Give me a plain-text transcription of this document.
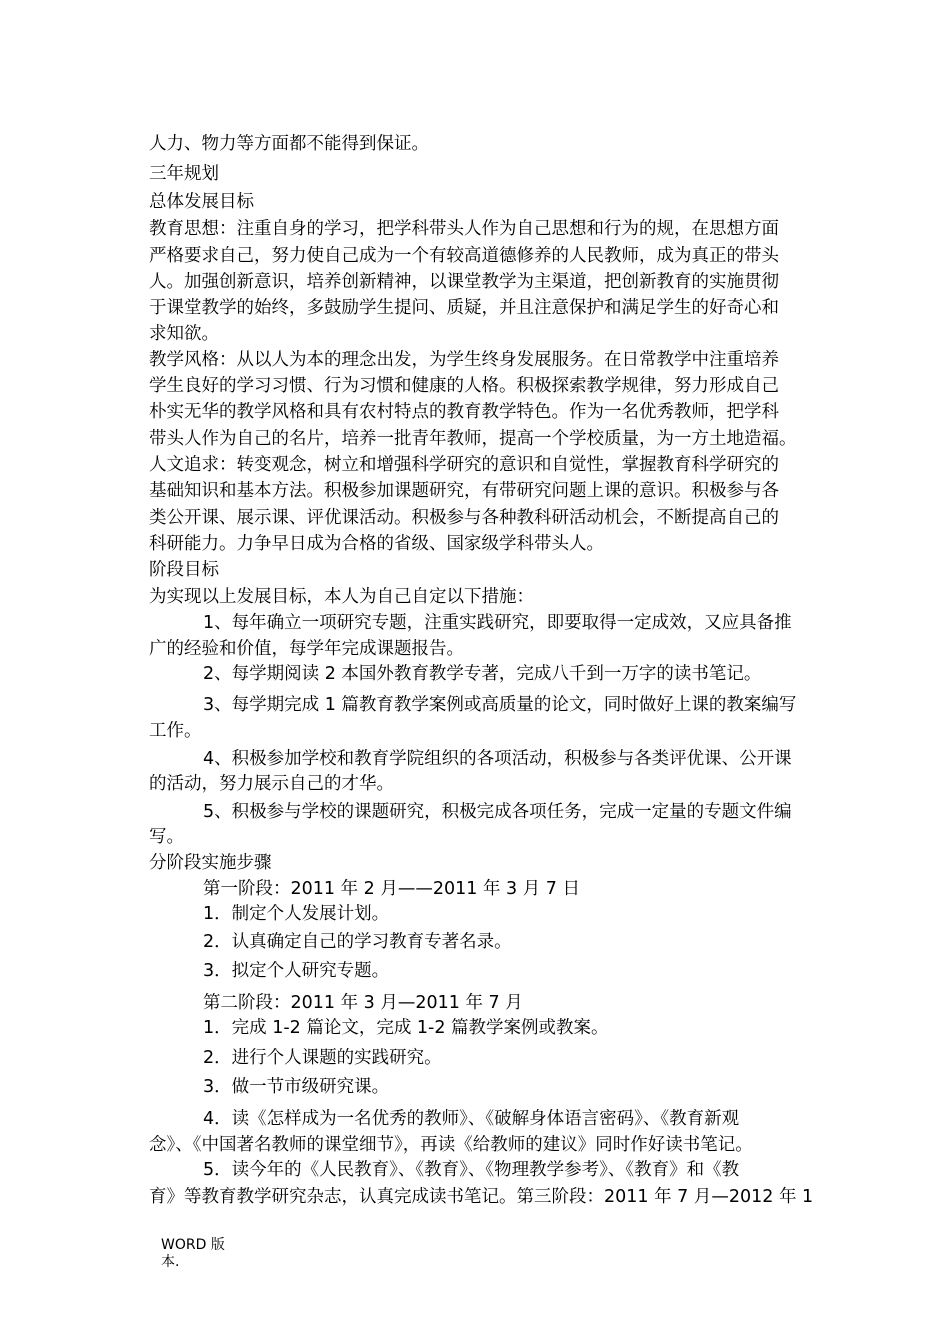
人力、物力等方面都不能得到保证。

三年规划

总体发展目标

教育思想：注重自身的学习，把学科带头人作为自己思想和行为的规，在思想方面

严格要求自己，努力使自己成为一个有较高道德修养的人民教师，成为真正的带头

人。加强创新意识，培养创新精神，以课堂教学为主渠道，把创新教育的实施贯彻

于课堂教学的始终，多鼓励学生提问、质疑，并且注意保护和满足学生的好奇心和

求知欲。

教学风格：从以人为本的理念出发，为学生终身发展服务。在日常教学中注重培养

学生良好的学习习惯、行为习惯和健康的人格。积极探索教学规律，努力形成自己

朴实无华的教学风格和具有农村特点的教育教学特色。作为一名优秀教师，把学科

带头人作为自己的名片，培养一批青年教师，提高一个学校质量，为一方土地造福。

人文追求：转变观念，树立和增强科学研究的意识和自觉性，掌握教育科学研究的

基础知识和基本方法。积极参加课题研究，有带研究问题上课的意识。积极参与各

类公开课、展示课、评优课活动。积极参与各种教科研活动机会，不断提高自己的

科研能力。力争早日成为合格的省级、国家级学科带头人。

阶段目标

为实现以上发展目标，本人为自己自定以下措施：

1、每年确立一项研究专题，注重实践研究，即要取得一定成效，又应具备推

广的经验和价值，每学年完成课题报告。

2、每学期阅读 2 本国外教育教学专著，完成八千到一万字的读书笔记。

3、每学期完成 1 篇教育教学案例或高质量的论文，同时做好上课的教案编写

工作。

4、积极参加学校和教育学院组织的各项活动，积极参与各类评优课、公开课

的活动，努力展示自己的才华。

5、积极参与学校的课题研究，积极完成各项任务，完成一定量的专题文件编

写。

分阶段实施步骤

第一阶段：2011 年 2 月——2011 年 3 月 7 日

1．制定个人发展计划。

2．认真确定自己的学习教育专著名录。

3．拟定个人研究专题。

第二阶段：2011 年 3 月—2011 年 7 月

1．完成 1-2 篇论文，完成 1-2 篇教学案例或教案。

2．进行个人课题的实践研究。

3．做一节市级研究课。

4．读《怎样成为一名优秀的教师》、《破解身体语言密码》、《教育新观

念》、《中国著名教师的课堂细节》，再读《给教师的建议》同时作好读书笔记。

5．读今年的《人民教育》、《教育》、《物理教学参考》、《教育》和《教

育》等教育教学研究杂志，认真完成读书笔记。第三阶段：2011 年 7 月—2012 年 1

WORD 版

本.
